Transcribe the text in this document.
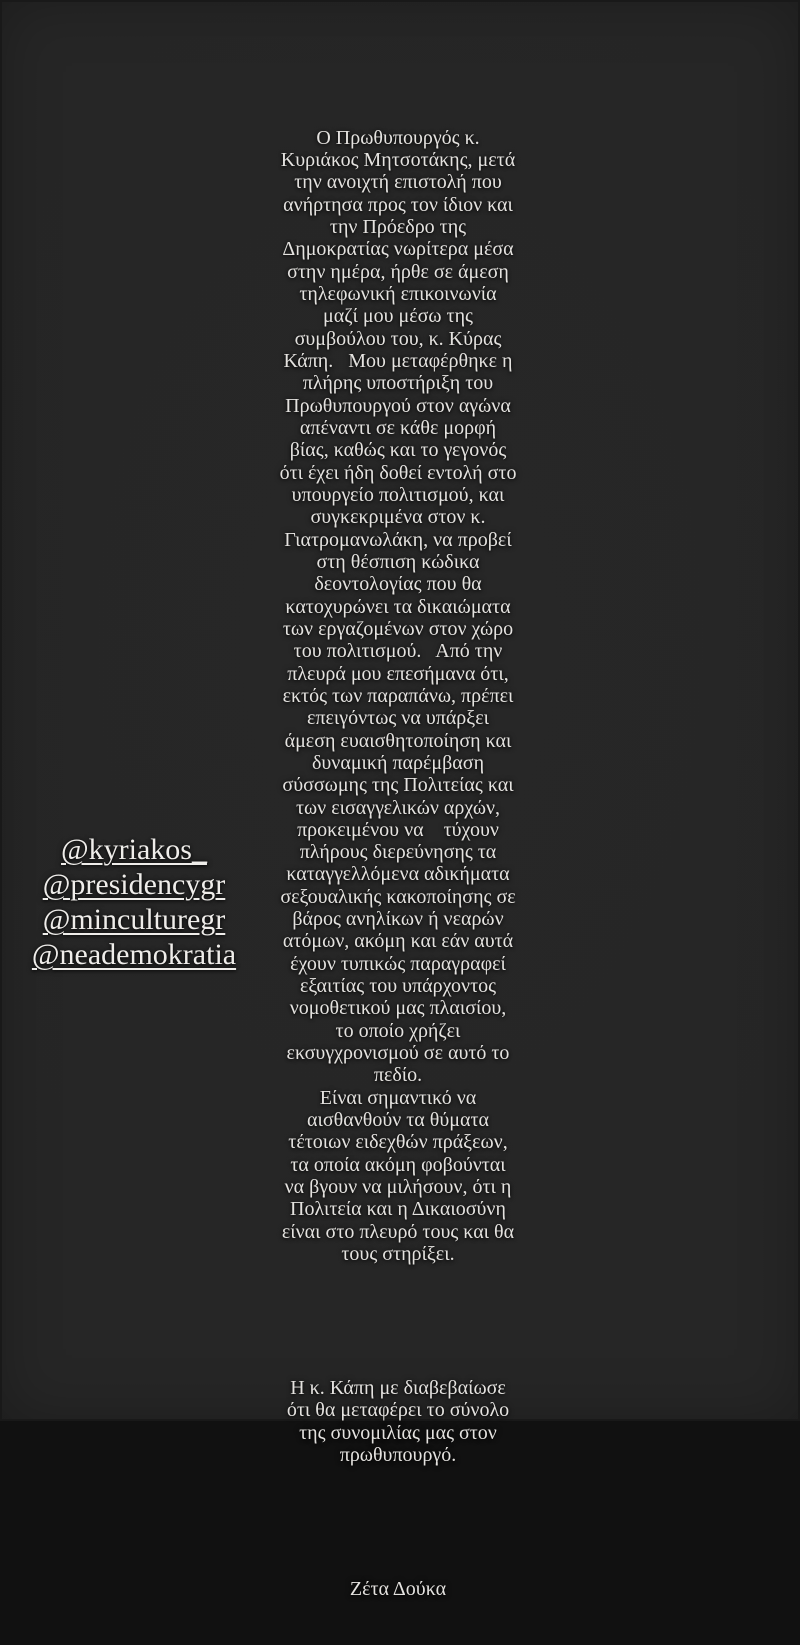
@kyriakos_
@presidencygr
@minculturegr
@neademokratia

Ο Πρωθυπουργός κ.
Κυριάκος Μητσοτάκης, μετά
την ανοιχτή επιστολή που
ανήρτησα προς τον ίδιον και
την Πρόεδρο της
Δημοκρατίας νωρίτερα μέσα
στην ημέρα, ήρθε σε άμεση
τηλεφωνική επικοινωνία
μαζί μου μέσω της
συμβούλου του, κ. Κύρας
Κάπη.   Μου μεταφέρθηκε η
πλήρης υποστήριξη του
Πρωθυπουργού στον αγώνα
απέναντι σε κάθε μορφή
βίας, καθώς και το γεγονός
ότι έχει ήδη δοθεί εντολή στο
υπουργείο πολιτισμού, και
συγκεκριμένα στον κ.
Γιατρομανωλάκη, να προβεί
στη θέσπιση κώδικα
δεοντολογίας που θα
κατοχυρώνει τα δικαιώματα
των εργαζομένων στον χώρο
του πολιτισμού.   Από την
πλευρά μου επεσήμανα ότι,
εκτός των παραπάνω, πρέπει
επειγόντως να υπάρξει
άμεση ευαισθητοποίηση και
δυναμική παρέμβαση
σύσσωμης της Πολιτείας και
των εισαγγελικών αρχών,
προκειμένου να    τύχουν
πλήρους διερεύνησης τα
καταγγελλόμενα αδικήματα
σεξουαλικής κακοποίησης σε
βάρος ανηλίκων ή νεαρών
ατόμων, ακόμη και εάν αυτά
έχουν τυπικώς παραγραφεί
εξαιτίας του υπάρχοντος
νομοθετικού μας πλαισίου,
το οποίο χρήζει
εκσυγχρονισμού σε αυτό το
πεδίο.
Είναι σημαντικό να
αισθανθούν τα θύματα
τέτοιων ειδεχθών πράξεων,
τα οποία ακόμη φοβούνται
να βγουν να μιλήσουν, ότι η
Πολιτεία και η Δικαιοσύνη
είναι στο πλευρό τους και θα
τους στηρίξει.

Η κ. Κάπη με διαβεβαίωσε
ότι θα μεταφέρει το σύνολο
της συνομιλίας μας στον
πρωθυπουργό.

Ζέτα Δούκα
